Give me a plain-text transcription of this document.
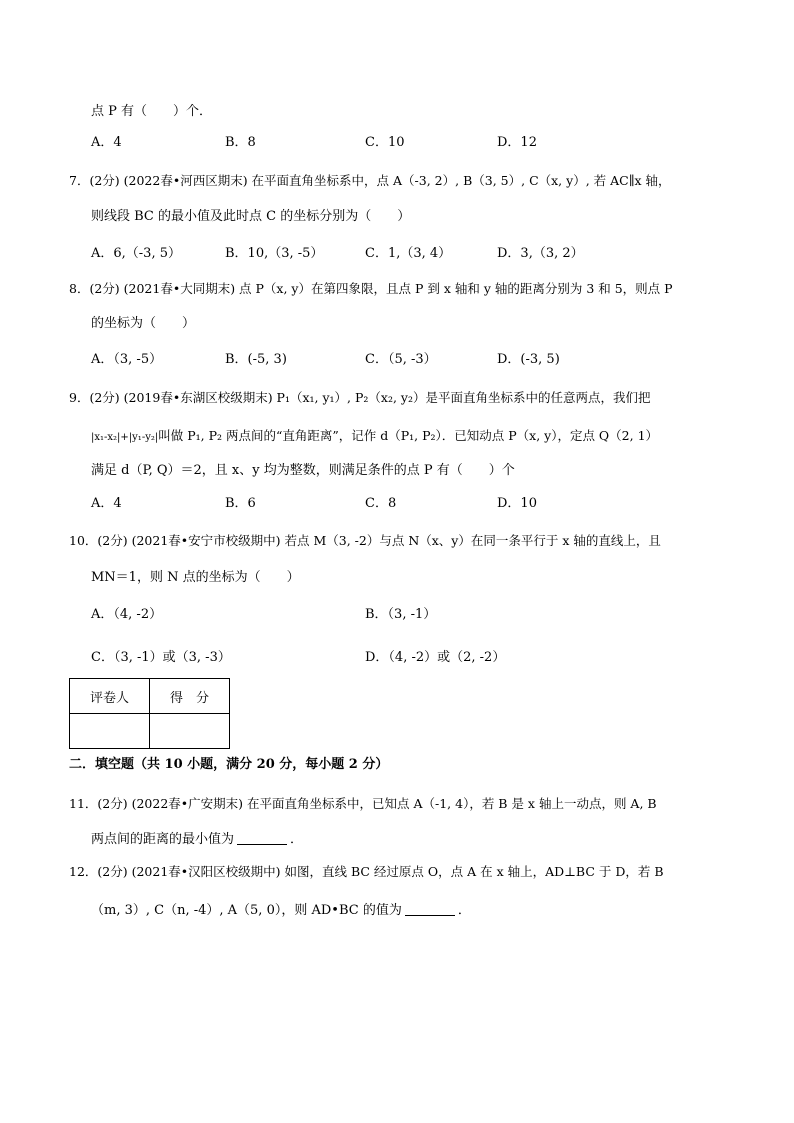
点 P 有（　　）个．
A．4	B．8	C．10	D．12
7．(2分) (2022春•河西区期末) 在平面直角坐标系中，点 A（-3, 2）, B（3, 5）, C（x, y）, 若 AC∥x 轴，
则线段 BC 的最小值及此时点 C 的坐标分别为（　　）
A．6,（-3, 5）	B．10,（3, -5）	C．1,（3, 4）	D．3,（3, 2）
8．(2分) (2021春•大同期末) 点 P（x, y）在第四象限，且点 P 到 x 轴和 y 轴的距离分别为 3 和 5，则点 P
的坐标为（　　）
A．（3, -5）	B．(-5, 3)	C．（5, -3）	D．(-3, 5)
9．(2分) (2019春•东湖区校级期末) P₁（x₁, y₁）, P₂（x₂, y₂）是平面直角坐标系中的任意两点，我们把
|x₁-x₂|+|y₁-y₂|叫做 P₁, P₂ 两点间的“直角距离”，记作 d（P₁, P₂）．已知动点 P（x, y），定点 Q（2, 1）
满足 d（P, Q）＝2，且 x、y 均为整数，则满足条件的点 P 有（　　）个
A．4	B．6	C．8	D．10
10．(2分) (2021春•安宁市校级期中) 若点 M（3, -2）与点 N（x、y）在同一条平行于 x 轴的直线上，且
MN＝1，则 N 点的坐标为（　　）
A．（4, -2）	B．（3, -1）
C．（3, -1）或（3, -3）	D．（4, -2）或（2, -2）
评卷人	得　分

二．填空题（共 10 小题，满分 20 分，每小题 2 分）
11．(2分) (2022春•广安期末) 在平面直角坐标系中，已知点 A（-1, 4），若 B 是 x 轴上一动点，则 A, B
两点间的距离的最小值为	．
12．(2分) (2021春•汉阳区校级期中) 如图，直线 BC 经过原点 O，点 A 在 x 轴上，AD⊥BC 于 D，若 B
（m, 3）, C（n, -4）, A（5, 0），则 AD•BC 的值为	．
